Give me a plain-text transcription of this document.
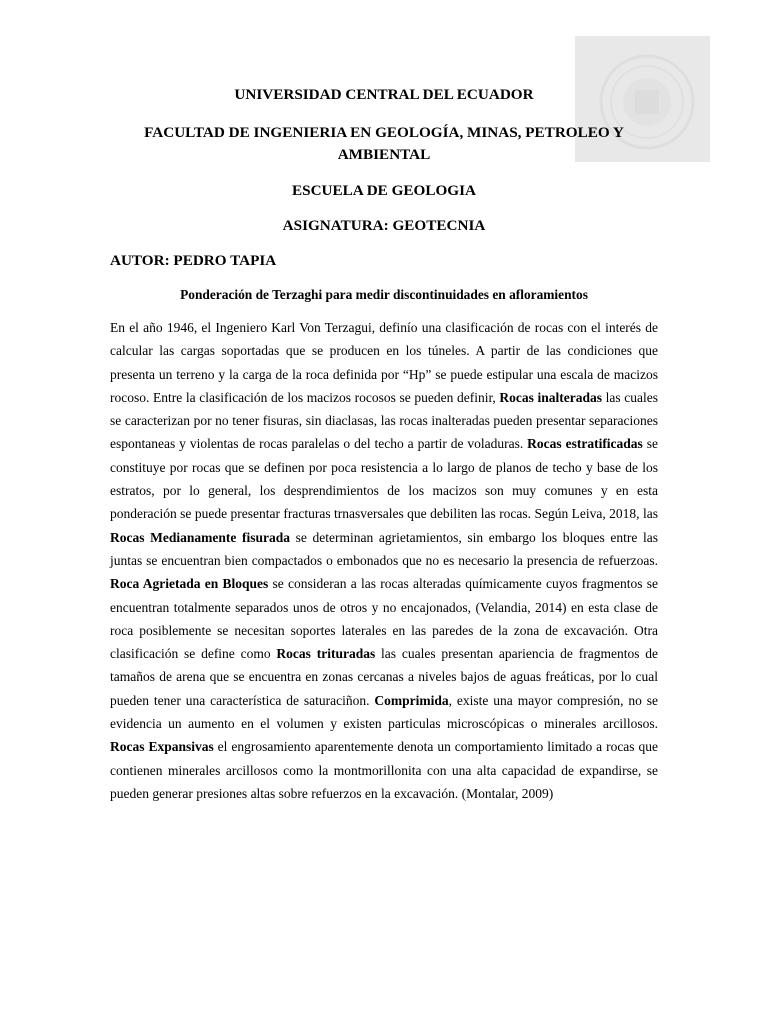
UNIVERSIDAD CENTRAL DEL ECUADOR
FACULTAD DE INGENIERIA EN GEOLOGÍA, MINAS, PETROLEO Y AMBIENTAL
ESCUELA DE GEOLOGIA
ASIGNATURA: GEOTECNIA
AUTOR: PEDRO TAPIA
Ponderación de Terzaghi para medir discontinuidades en afloramientos

En el año 1946, el Ingeniero Karl Von Terzagui, definío una clasificación de rocas con el interés de calcular las cargas soportadas que se producen en los túneles. A partir de las condiciones que presenta un terreno y la carga de la roca definida por “Hp” se puede estipular una escala de macizos rocoso. Entre la clasificación de los macizos rocosos se pueden definir, Rocas inalteradas las cuales se caracterizan por no tener fisuras, sin diaclasas, las rocas inalteradas pueden presentar separaciones espontaneas y violentas de rocas paralelas o del techo a partir de voladuras. Rocas estratificadas se constituye por rocas que se definen por poca resistencia a lo largo de planos de techo y base de los estratos, por lo general, los desprendimientos de los macizos son muy comunes y en esta ponderación se puede presentar fracturas trnasversales que debiliten las rocas. Según Leiva, 2018, las Rocas Medianamente fisurada se determinan agrietamientos, sin embargo los bloques entre las juntas se encuentran bien compactados o embonados que no es necesario la presencia de refuerzoas. Roca Agrietada en Bloques se consideran a las rocas alteradas químicamente cuyos fragmentos se encuentran totalmente separados unos de otros y no encajonados, (Velandia, 2014) en esta clase de roca posiblemente se necesitan soportes laterales en las paredes de la zona de excavación. Otra clasificación se define como Rocas trituradas las cuales presentan apariencia de fragmentos de tamaños de arena que se encuentra en zonas cercanas a niveles bajos de aguas freáticas, por lo cual pueden tener una característica de saturaciñon. Comprimida, existe una mayor compresión, no se evidencia un aumento en el volumen y existen particulas microscópicas o minerales arcillosos. Rocas Expansivas el engrosamiento aparentemente denota un comportamiento limitado a rocas que contienen minerales arcillosos como la montmorillonita con una alta capacidad de expandirse, se pueden generar presiones altas sobre refuerzos en la excavación. (Montalar, 2009)
